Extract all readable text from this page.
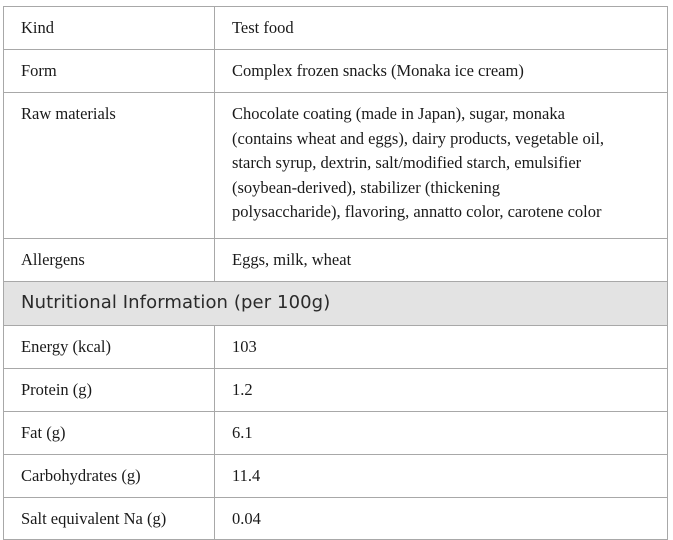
Kind	Test food
Form	Complex frozen snacks (Monaka ice cream)
Raw materials	Chocolate coating (made in Japan), sugar, monaka
(contains wheat and eggs), dairy products, vegetable oil,
starch syrup, dextrin, salt/modified starch, emulsifier
(soybean-derived), stabilizer (thickening
polysaccharide), flavoring, annatto color, carotene color

Allergens	Eggs, milk, wheat
Nutritional Information (per 100g)	
Energy (kcal)	103
Protein (g)	1.2
Fat (g)	6.1
Carbohydrates (g)	11.4
Salt equivalent Na (g)	0.04
